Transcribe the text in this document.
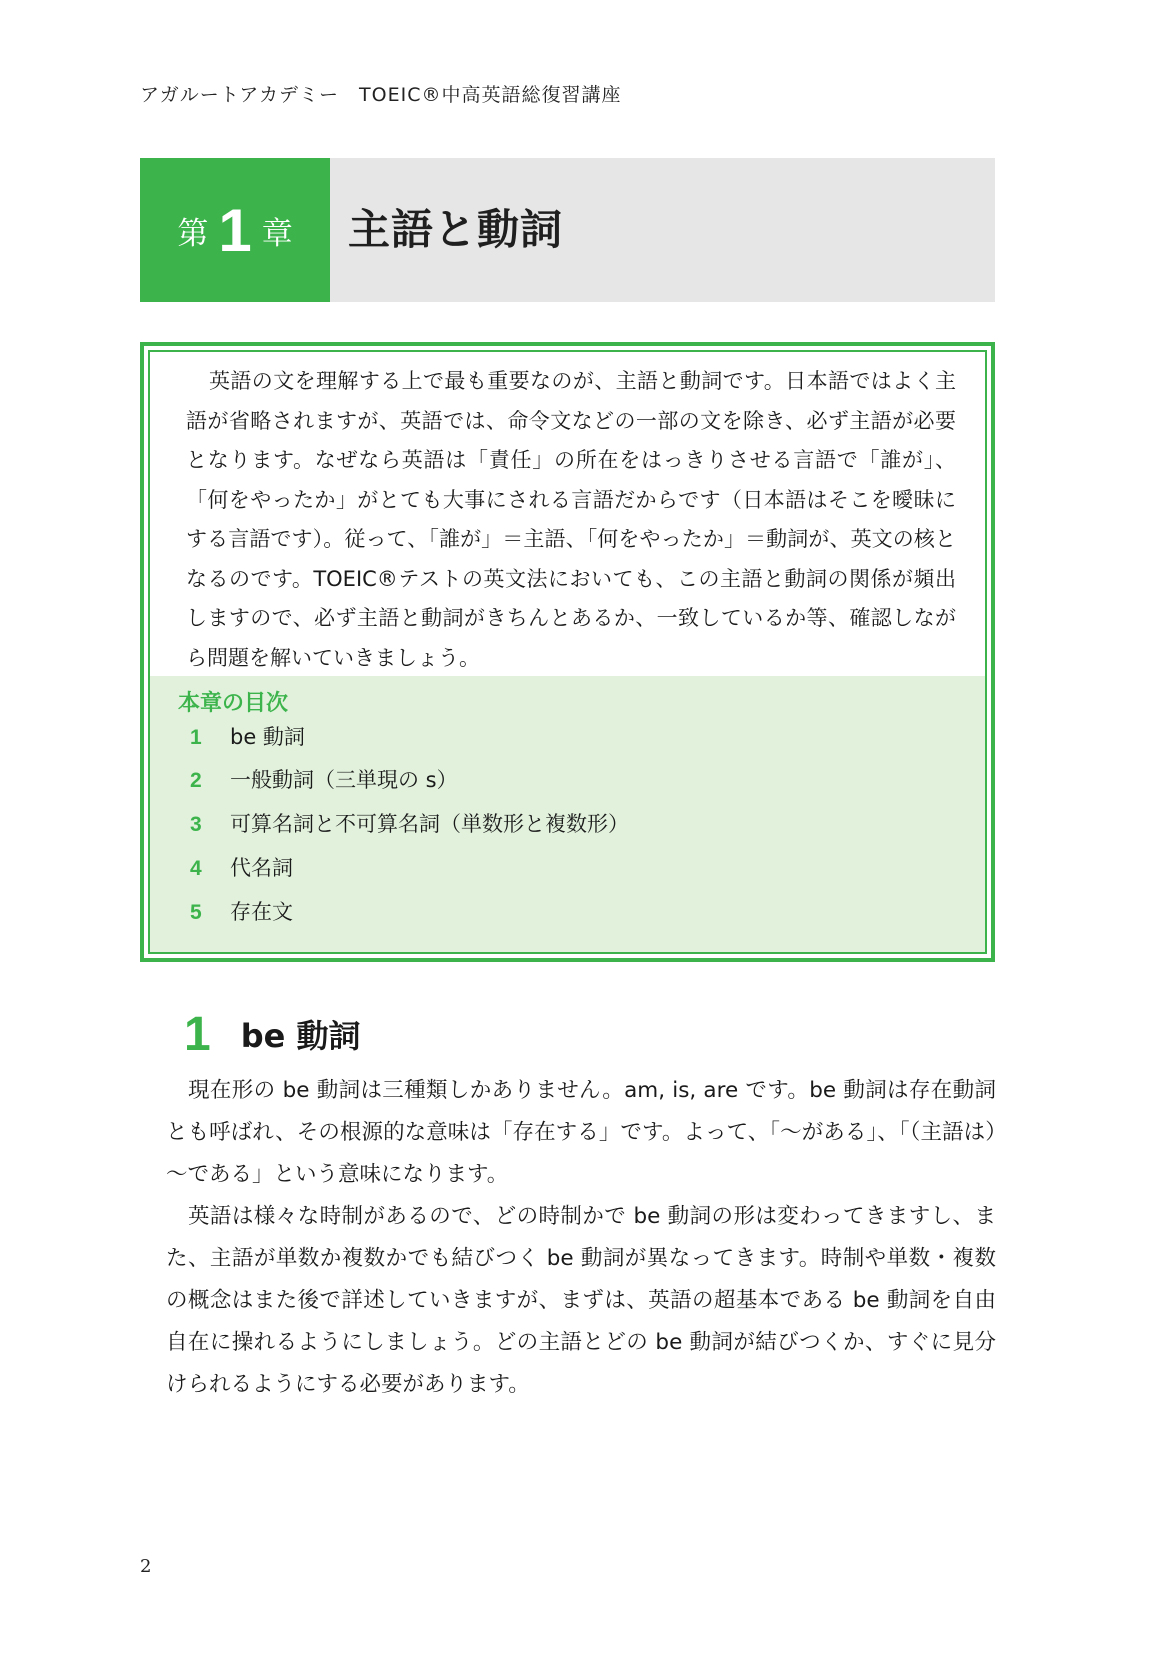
アガルートアカデミー　TOEIC®中高英語総復習講座
第 1 章 主語と動詞
英語の文を理解する上で最も重要なのが、主語と動詞です。日本語ではよく主語が省略されますが、英語では、命令文などの一部の文を除き、必ず主語が必要となります。なぜなら英語は「責任」の所在をはっきりさせる言語で「誰が」、「何をやったか」がとても大事にされる言語だからです（日本語はそこを曖昧にする言語です）。従って、「誰が」＝主語、「何をやったか」＝動詞が、英文の核となるのです。TOEIC®テストの英文法においても、この主語と動詞の関係が頻出しますので、必ず主語と動詞がきちんとあるか、一致しているか等、確認しながら問題を解いていきましょう。
本章の目次
1 be 動詞
2 一般動詞（三単現の s）
3 可算名詞と不可算名詞（単数形と複数形）
4 代名詞
5 存在文
1 be 動詞
現在形の be 動詞は三種類しかありません。am, is, are です。be 動詞は存在動詞とも呼ばれ、その根源的な意味は「存在する」です。よって、「～がある」、「（主語は）～である」という意味になります。
英語は様々な時制があるので、どの時制かで be 動詞の形は変わってきますし、また、主語が単数か複数かでも結びつく be 動詞が異なってきます。時制や単数・複数の概念はまた後で詳述していきますが、まずは、英語の超基本である be 動詞を自由自在に操れるようにしましょう。どの主語とどの be 動詞が結びつくか、すぐに見分けられるようにする必要があります。
2
